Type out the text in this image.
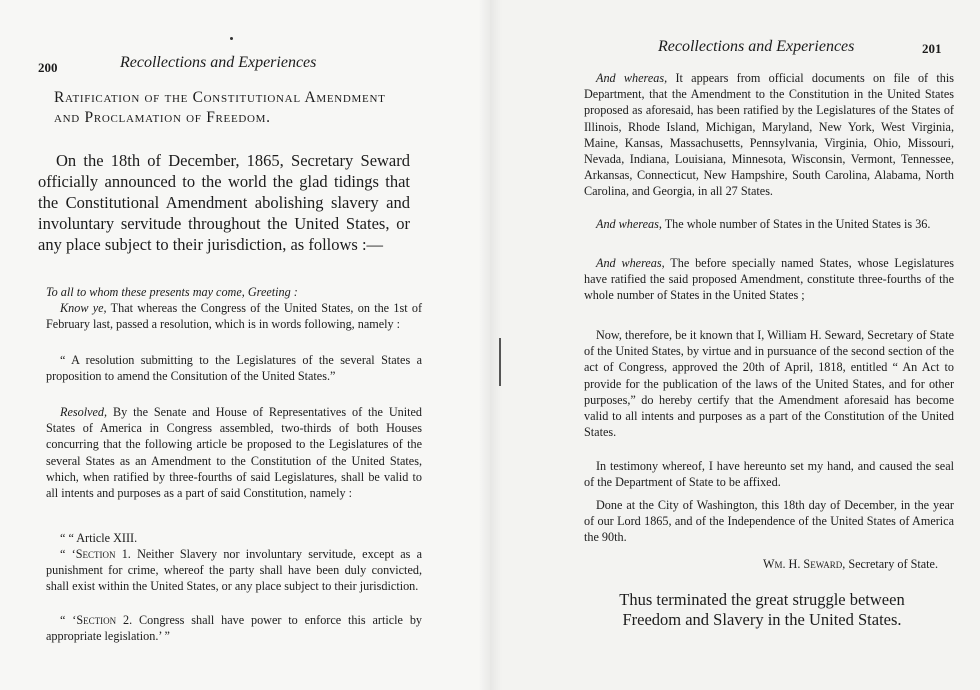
200	Recollections and Experiences

Ratification of the Constitutional Amendment and Proclamation of Freedom.

On the 18th of December, 1865, Secretary Seward officially announced to the world the glad tidings that the Constitutional Amendment abolishing slavery and involuntary servitude throughout the United States, or any place subject to their jurisdiction, as follows :—

To all to whom these presents may come, Greeting :

Know ye, That whereas the Congress of the United States, on the 1st of February last, passed a resolution, which is in words following, namely :

“ A resolution submitting to the Legislatures of the several States a proposition to amend the Consitution of the United States.”

Resolved, By the Senate and House of Representatives of the United States of America in Congress assembled, two-thirds of both Houses concurring that the following article be proposed to the Legislatures of the several States as an Amendment to the Constitution of the United States, which, when ratified by three-fourths of said Legislatures, shall be valid to all intents and purposes as a part of said Constitution, namely :

“ “ Article XIII.

“ ‘Section 1. Neither Slavery nor involuntary servitude, except as a punishment for crime, whereof the party shall have been duly convicted, shall exist within the United States, or any place subject to their jurisdiction.

“ ‘Section 2. Congress shall have power to enforce this article by appropriate legislation.’ ”

Recollections and Experiences	201

And whereas, It appears from official documents on file of this Department, that the Amendment to the Constitution in the United States proposed as aforesaid, has been ratified by the Legislatures of the States of Illinois, Rhode Island, Michigan, Maryland, New York, West Virginia, Maine, Kansas, Massachusetts, Pennsylvania, Virginia, Ohio, Missouri, Nevada, Indiana, Louisiana, Minnesota, Wisconsin, Vermont, Tennessee, Arkansas, Connecticut, New Hampshire, South Carolina, Alabama, North Carolina, and Georgia, in all 27 States.

And whereas, The whole number of States in the United States is 36.

And whereas, The before specially named States, whose Legislatures have ratified the said proposed Amendment, constitute three-fourths of the whole number of States in the United States ;

Now, therefore, be it known that I, William H. Seward, Secretary of State of the United States, by virtue and in pursuance of the second section of the act of Congress, approved the 20th of April, 1818, entitled “ An Act to provide for the publication of the laws of the United States, and for other purposes,” do hereby certify that the Amendment aforesaid has become valid to all intents and purposes as a part of the Constitution of the United States.

In testimony whereof, I have hereunto set my hand, and caused the seal of the Department of State to be affixed.

Done at the City of Washington, this 18th day of December, in the year of our Lord 1865, and of the Independence of the United States of America the 90th.

Wm. H. Seward, Secretary of State.

Thus terminated the great struggle between Freedom and Slavery in the United States.
